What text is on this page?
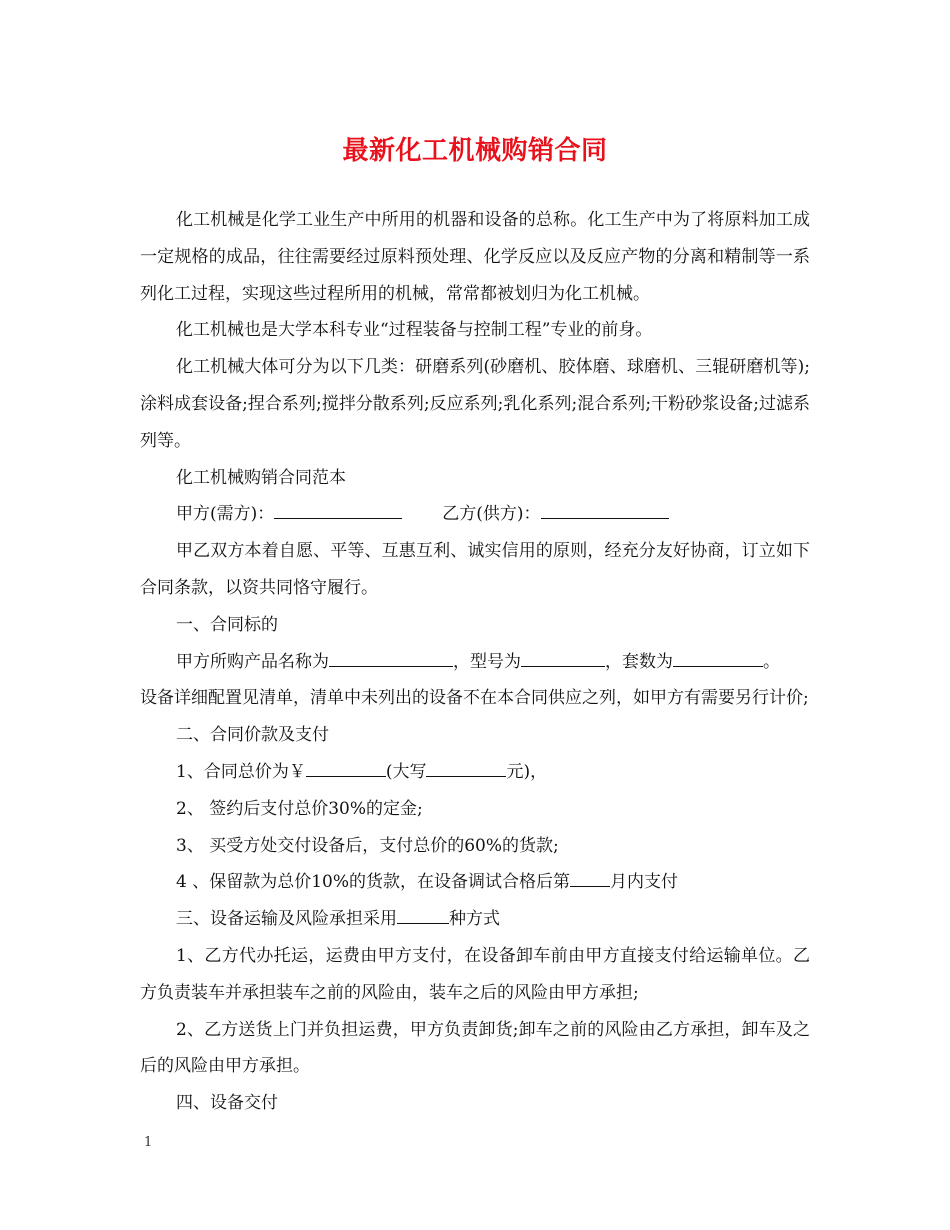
最新化工机械购销合同

化工机械是化学工业生产中所用的机器和设备的总称。化工生产中为了将原料加工成一定规格的成品，往往需要经过原料预处理、化学反应以及反应产物的分离和精制等一系列化工过程，实现这些过程所用的机械，常常都被划归为化工机械。

化工机械也是大学本科专业“过程装备与控制工程”专业的前身。

化工机械大体可分为以下几类：研磨系列(砂磨机、胶体磨、球磨机、三辊研磨机等);涂料成套设备;捏合系列;搅拌分散系列;反应系列;乳化系列;混合系列;干粉砂浆设备;过滤系列等。

化工机械购销合同范本

甲方(需方)：	乙方(供方)：

甲乙双方本着自愿、平等、互惠互利、诚实信用的原则，经充分友好协商，订立如下合同条款，以资共同恪守履行。

一、合同标的

甲方所购产品名称为	，型号为	，套数为	。

设备详细配置见清单，清单中未列出的设备不在本合同供应之列，如甲方有需要另行计价;

二、合同价款及支付

1、合同总价为￥	(大写	元)，

2、 签约后支付总价30%的定金;

3、 买受方处交付设备后，支付总价的60%的货款;

4 、保留款为总价10%的货款，在设备调试合格后第 月内支付

三、设备运输及风险承担采用	种方式

1、乙方代办托运，运费由甲方支付，在设备卸车前由甲方直接支付给运输单位。乙方负责装车并承担装车之前的风险由，装车之后的风险由甲方承担;

2、乙方送货上门并负担运费，甲方负责卸货;卸车之前的风险由乙方承担，卸车及之后的风险由甲方承担。

四、设备交付

1
